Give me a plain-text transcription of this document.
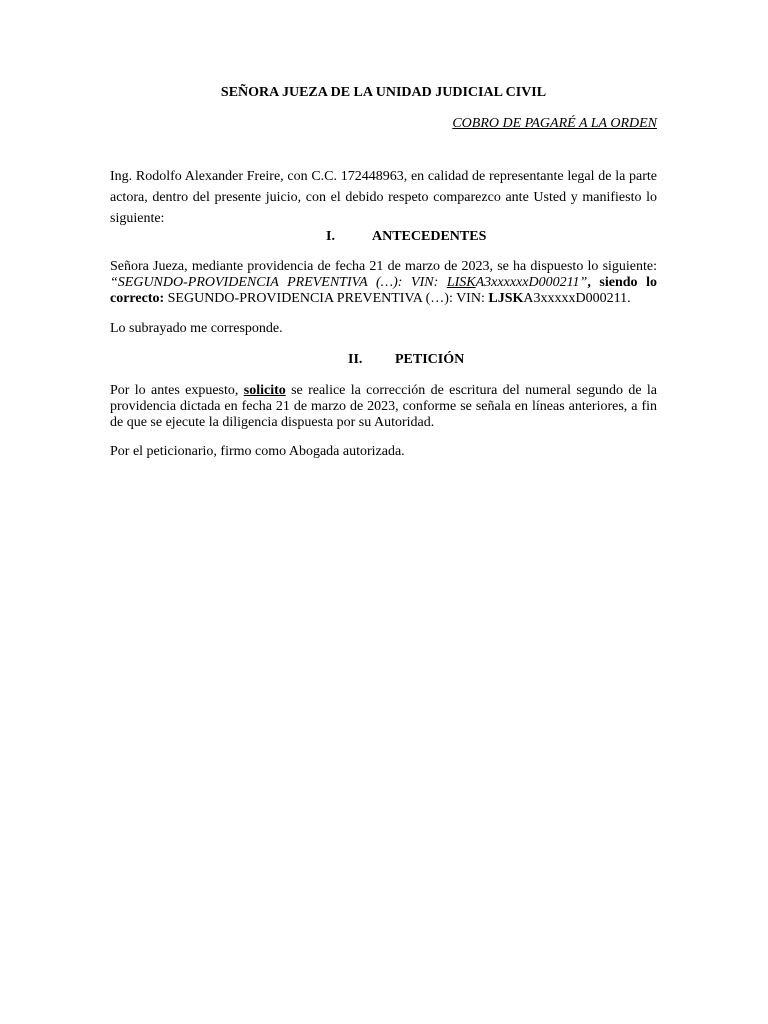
SEÑORA JUEZA DE LA UNIDAD JUDICIAL CIVIL
COBRO DE PAGARÉ A LA ORDEN

Ing. Rodolfo Alexander Freire, con C.C. 172448963, en calidad de representante legal de la parte actora, dentro del presente juicio, con el debido respeto comparezco ante Usted y manifiesto lo siguiente:

I.	ANTECEDENTES

Señora Jueza, mediante providencia de fecha 21 de marzo de 2023, se ha dispuesto lo siguiente: “SEGUNDO-PROVIDENCIA PREVENTIVA (…): VIN: LISKA3xxxxxxD000211”, siendo lo correcto: SEGUNDO-PROVIDENCIA PREVENTIVA (…): VIN: LJSKA3xxxxxD000211.

Lo subrayado me corresponde.

II. PETICIÓN

Por lo antes expuesto, solicito se realice la corrección de escritura del numeral segundo de la providencia dictada en fecha 21 de marzo de 2023, conforme se señala en líneas anteriores, a fin de que se ejecute la diligencia dispuesta por su Autoridad.

Por el peticionario, firmo como Abogada autorizada.
